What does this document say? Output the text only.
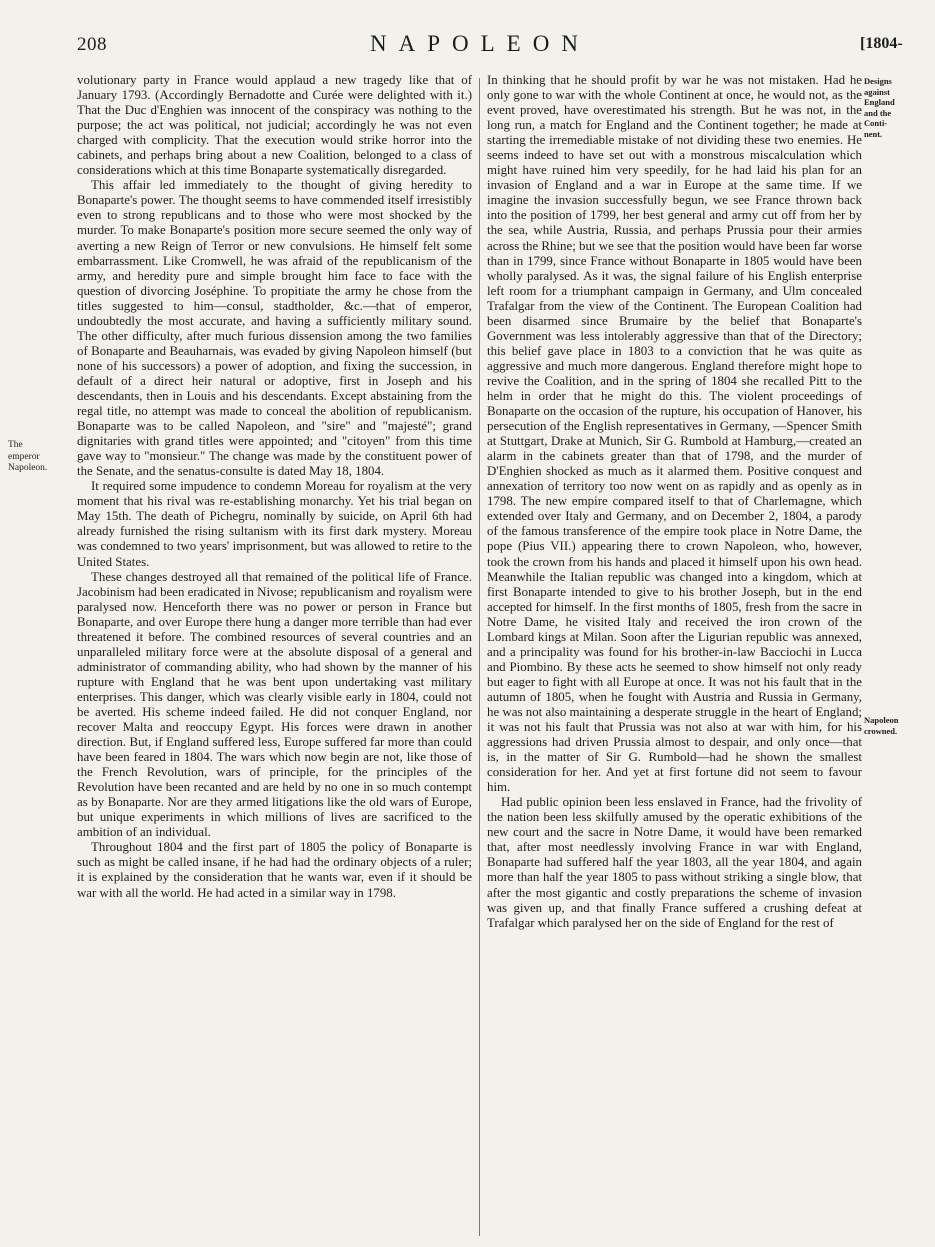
208	NAPOLEON	[1804-
The
emperor
Napoleon.
Designs
against
England
and the
Conti-
nent.
Napoleon
crowned.

volutionary party in France would applaud a new tragedy like that of January 1793. (Accordingly Bernadotte and Curée were delighted with it.) That the Duc d'Enghien was innocent of the conspiracy was nothing to the purpose; the act was political, not judicial; accordingly he was not even charged with complicity. That the execution would strike horror into the cabinets, and perhaps bring about a new Coalition, belonged to a class of considerations which at this time Bonaparte systematically disregarded.

This affair led immediately to the thought of giving heredity to Bonaparte's power. The thought seems to have commended itself irresistibly even to strong republicans and to those who were most shocked by the murder. To make Bonaparte's position more secure seemed the only way of averting a new Reign of Terror or new convulsions. He himself felt some embarrassment. Like Cromwell, he was afraid of the republicanism of the army, and heredity pure and simple brought him face to face with the question of divorcing Joséphine. To propitiate the army he chose from the titles suggested to him—consul, stadtholder, &c.—that of emperor, undoubtedly the most accurate, and having a sufficiently military sound. The other difficulty, after much furious dissension among the two families of Bonaparte and Beauharnais, was evaded by giving Napoleon himself (but none of his successors) a power of adoption, and fixing the succession, in default of a direct heir natural or adoptive, first in Joseph and his descendants, then in Louis and his descendants. Except abstaining from the regal title, no attempt was made to conceal the abolition of republicanism. Bonaparte was to be called Napoleon, and "sire" and "majesté"; grand dignitaries with grand titles were appointed; and "citoyen" from this time gave way to "monsieur." The change was made by the constituent power of the Senate, and the senatus-consulte is dated May 18, 1804.

It required some impudence to condemn Moreau for royalism at the very moment that his rival was re-establishing monarchy. Yet his trial began on May 15th. The death of Pichegru, nominally by suicide, on April 6th had already furnished the rising sultanism with its first dark mystery. Moreau was condemned to two years' imprisonment, but was allowed to retire to the United States.

These changes destroyed all that remained of the political life of France. Jacobinism had been eradicated in Nivose; republicanism and royalism were paralysed now. Henceforth there was no power or person in France but Bonaparte, and over Europe there hung a danger more terrible than had ever threatened it before. The combined resources of several countries and an unparalleled military force were at the absolute disposal of a general and administrator of commanding ability, who had shown by the manner of his rupture with England that he was bent upon undertaking vast military enterprises. This danger, which was clearly visible early in 1804, could not be averted. His scheme indeed failed. He did not conquer England, nor recover Malta and reoccupy Egypt. His forces were drawn in another direction. But, if England suffered less, Europe suffered far more than could have been feared in 1804. The wars which now begin are not, like those of the French Revolution, wars of principle, for the principles of the Revolution have been recanted and are held by no one in so much contempt as by Bonaparte. Nor are they armed litigations like the old wars of Europe, but unique experiments in which millions of lives are sacrificed to the ambition of an individual.

Throughout 1804 and the first part of 1805 the policy of Bonaparte is such as might be called insane, if he had had the ordinary objects of a ruler; it is explained by the consideration that he wants war, even if it should be war with all the world. He had acted in a similar way in 1798.

In thinking that he should profit by war he was not mistaken. Had he only gone to war with the whole Continent at once, he would not, as the event proved, have overestimated his strength. But he was not, in the long run, a match for England and the Continent together; he made at starting the irremediable mistake of not dividing these two enemies. He seems indeed to have set out with a monstrous miscalculation which might have ruined him very speedily, for he had laid his plan for an invasion of England and a war in Europe at the same time. If we imagine the invasion successfully begun, we see France thrown back into the position of 1799, her best general and army cut off from her by the sea, while Austria, Russia, and perhaps Prussia pour their armies across the Rhine; but we see that the position would have been far worse than in 1799, since France without Bonaparte in 1805 would have been wholly paralysed. As it was, the signal failure of his English enterprise left room for a triumphant campaign in Germany, and Ulm concealed Trafalgar from the view of the Continent. The European Coalition had been disarmed since Brumaire by the belief that Bonaparte's Government was less intolerably aggressive than that of the Directory; this belief gave place in 1803 to a conviction that he was quite as aggressive and much more dangerous. England therefore might hope to revive the Coalition, and in the spring of 1804 she recalled Pitt to the helm in order that he might do this. The violent proceedings of Bonaparte on the occasion of the rupture, his occupation of Hanover, his persecution of the English representatives in Germany, —Spencer Smith at Stuttgart, Drake at Munich, Sir G. Rumbold at Hamburg,—created an alarm in the cabinets greater than that of 1798, and the murder of D'Enghien shocked as much as it alarmed them. Positive conquest and annexation of territory too now went on as rapidly and as openly as in 1798. The new empire compared itself to that of Charlemagne, which extended over Italy and Germany, and on December 2, 1804, a parody of the famous transference of the empire took place in Notre Dame, the pope (Pius VII.) appearing there to crown Napoleon, who, however, took the crown from his hands and placed it himself upon his own head. Meanwhile the Italian republic was changed into a kingdom, which at first Bonaparte intended to give to his brother Joseph, but in the end accepted for himself. In the first months of 1805, fresh from the sacre in Notre Dame, he visited Italy and received the iron crown of the Lombard kings at Milan. Soon after the Ligurian republic was annexed, and a principality was found for his brother-in-law Bacciochi in Lucca and Piombino. By these acts he seemed to show himself not only ready but eager to fight with all Europe at once. It was not his fault that in the autumn of 1805, when he fought with Austria and Russia in Germany, he was not also maintaining a desperate struggle in the heart of England; it was not his fault that Prussia was not also at war with him, for his aggressions had driven Prussia almost to despair, and only once—that is, in the matter of Sir G. Rumbold—had he shown the smallest consideration for her. And yet at first fortune did not seem to favour him.

Had public opinion been less enslaved in France, had the frivolity of the nation been less skilfully amused by the operatic exhibitions of the new court and the sacre in Notre Dame, it would have been remarked that, after most needlessly involving France in war with England, Bonaparte had suffered half the year 1803, all the year 1804, and again more than half the year 1805 to pass without striking a single blow, that after the most gigantic and costly preparations the scheme of invasion was given up, and that finally France suffered a crushing defeat at Trafalgar which paralysed her on the side of England for the rest of
